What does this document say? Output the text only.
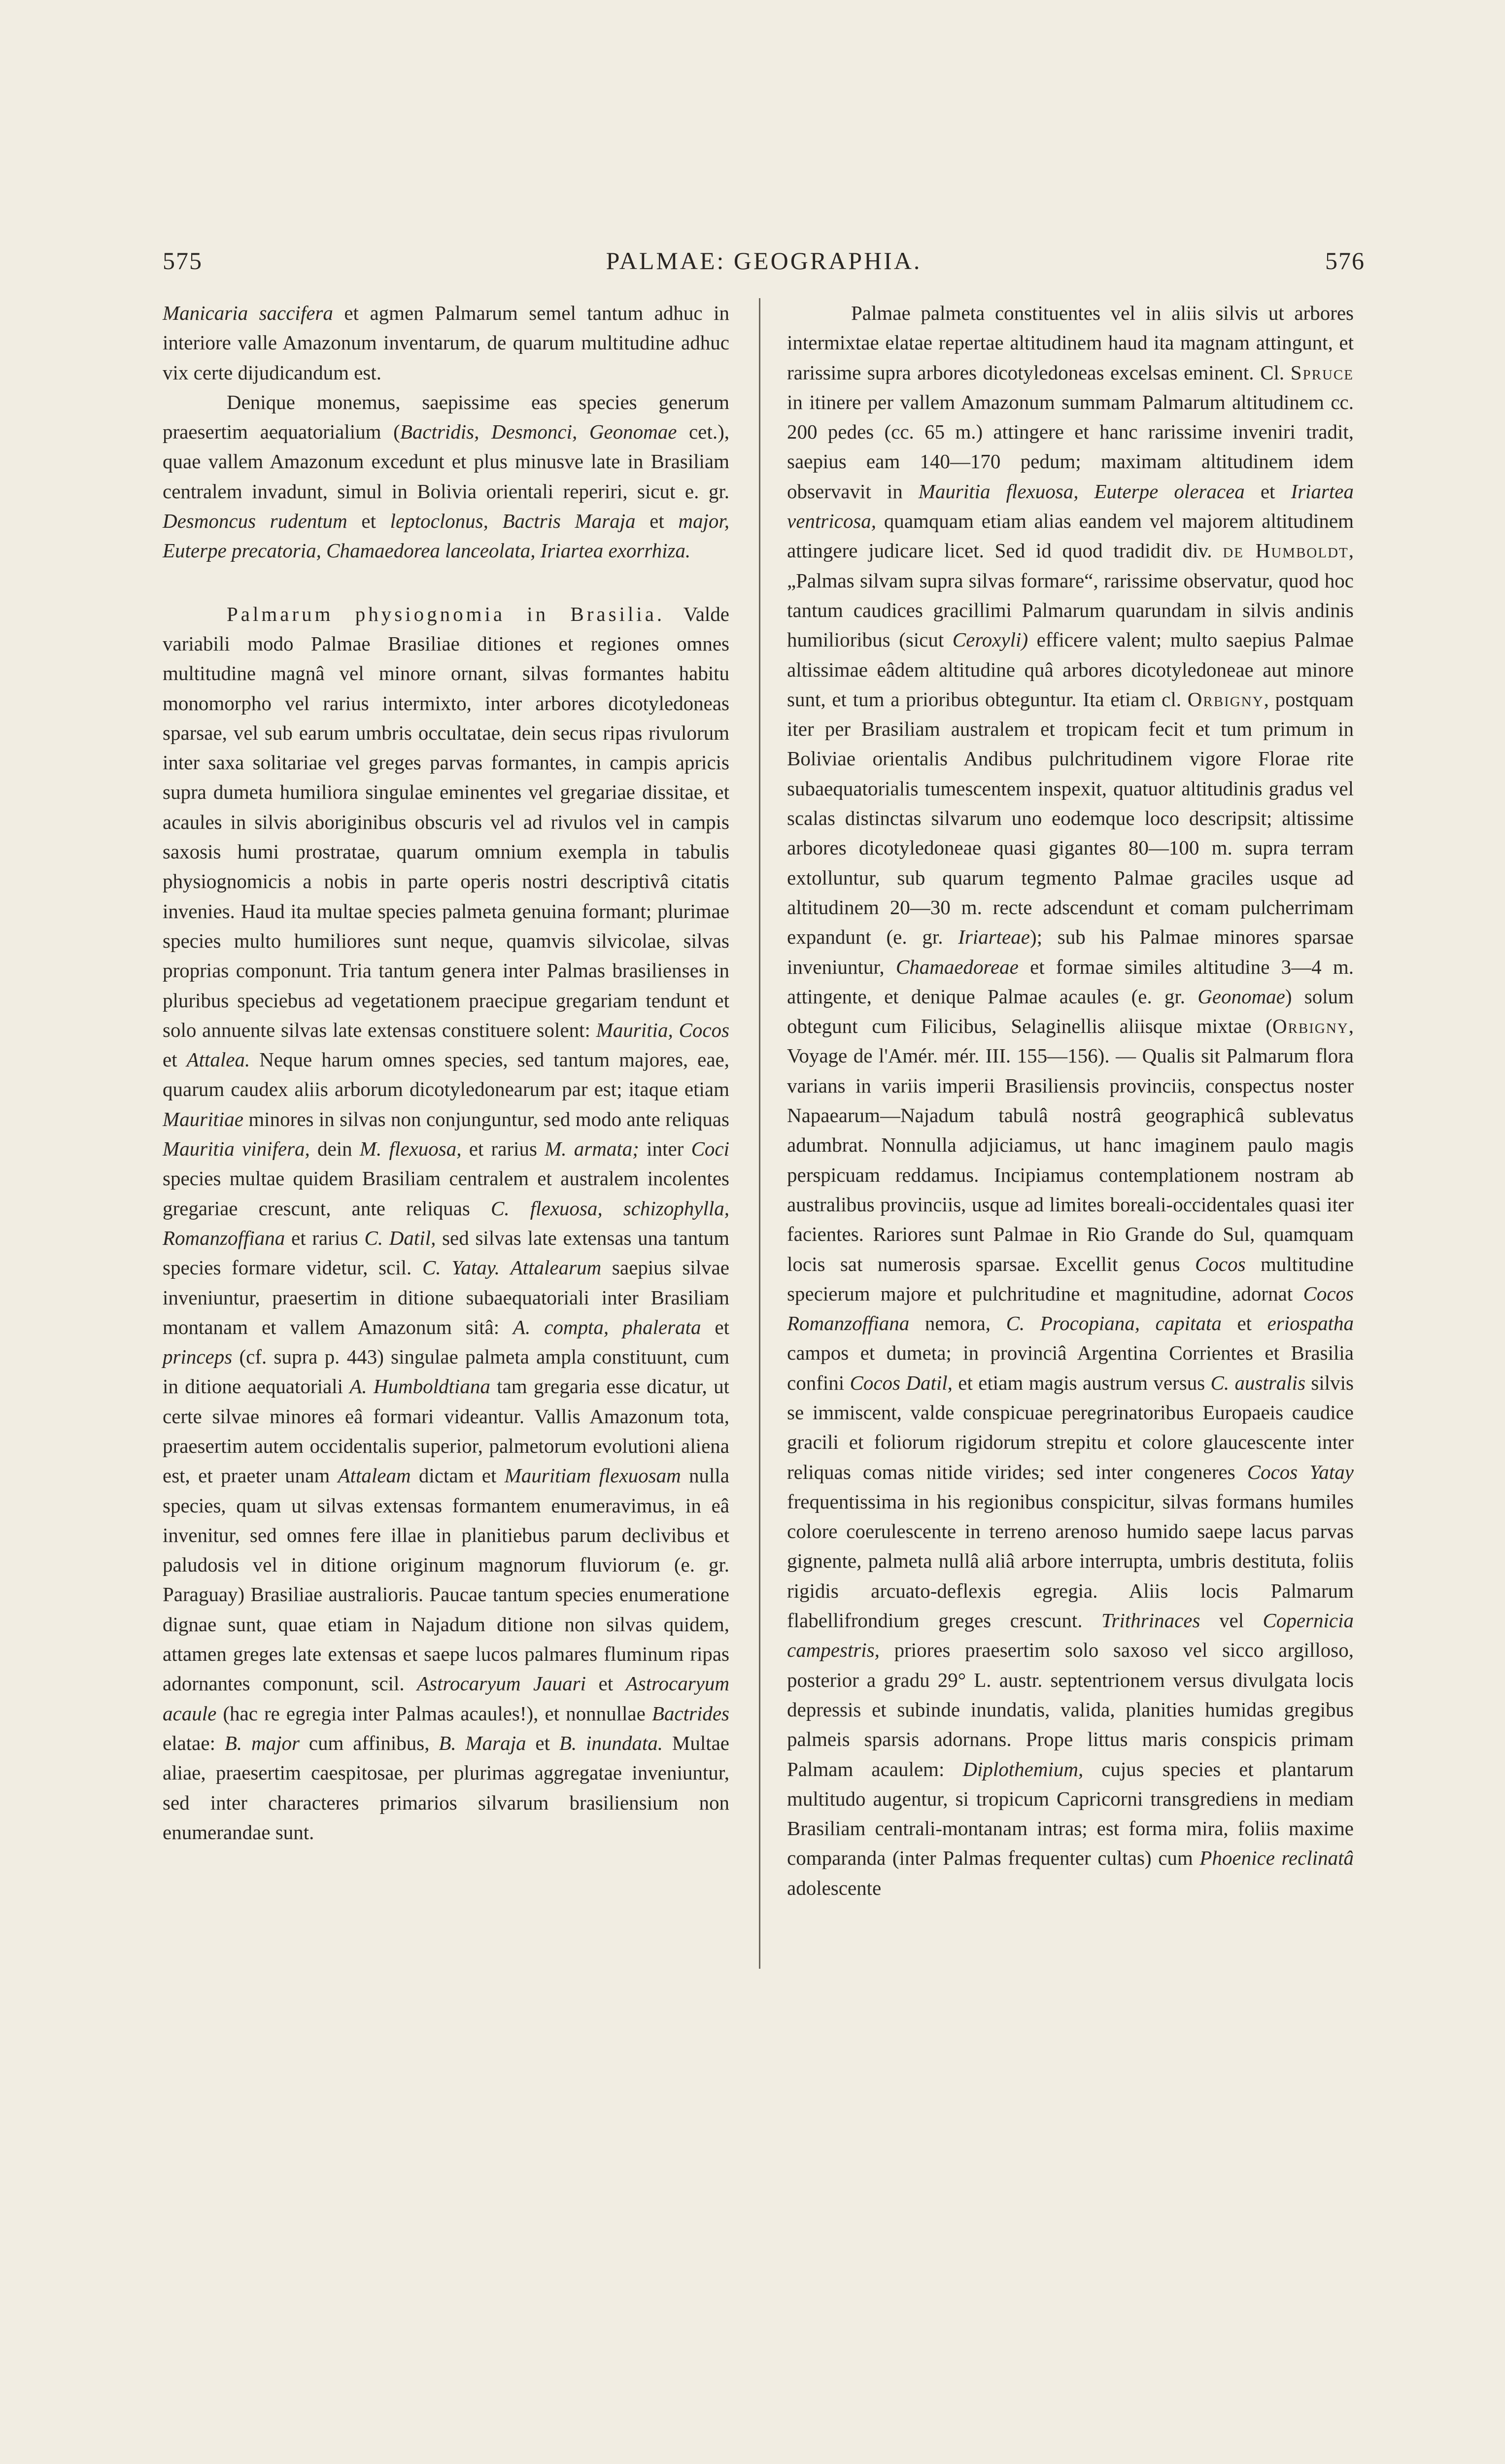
575	PALMAE: GEOGRAPHIA.	576

Manicaria saccifera et agmen Palmarum semel tantum adhuc in interiore valle Amazonum inventarum, de quarum multitudine adhuc vix certe dijudicandum est.

Denique monemus, saepissime eas species generum praesertim aequatorialium (Bactridis, Desmonci, Geonomae cet.), quae vallem Amazonum excedunt et plus minusve late in Brasiliam centralem invadunt, simul in Bolivia orientali reperiri, sicut e. gr. Desmoncus rudentum et leptoclonus, Bactris Maraja et major, Euterpe precatoria, Chamaedorea lanceolata, Iriartea exorrhiza.

Palmarum physiognomia in Brasilia. Valde variabili modo Palmae Brasiliae ditiones et regiones omnes multitudine magnâ vel minore ornant, silvas formantes habitu monomorpho vel rarius intermixto, inter arbores dicotyledoneas sparsae, vel sub earum umbris occultatae, dein secus ripas rivulorum inter saxa solitariae vel greges parvas formantes, in campis apricis supra dumeta humiliora singulae eminentes vel gregariae dissitae, et acaules in silvis aboriginibus obscuris vel ad rivulos vel in campis saxosis humi prostratae, quarum omnium exempla in tabulis physiognomicis a nobis in parte operis nostri descriptivâ citatis invenies. Haud ita multae species palmeta genuina formant; plurimae species multo humiliores sunt neque, quamvis silvicolae, silvas proprias componunt. Tria tantum genera inter Palmas brasilienses in pluribus speciebus ad vegetationem praecipue gregariam tendunt et solo annuente silvas late extensas constituere solent: Mauritia, Cocos et Attalea. Neque harum omnes species, sed tantum majores, eae, quarum caudex aliis arborum dicotyledonearum par est; itaque etiam Mauritiae minores in silvas non conjunguntur, sed modo ante reliquas Mauritia vinifera, dein M. flexuosa, et rarius M. armata; inter Coci species multae quidem Brasiliam centralem et australem incolentes gregariae crescunt, ante reliquas C. flexuosa, schizophylla, Romanzoffiana et rarius C. Datil, sed silvas late extensas una tantum species formare videtur, scil. C. Yatay. Attalearum saepius silvae inveniuntur, praesertim in ditione subaequatoriali inter Brasiliam montanam et vallem Amazonum sitâ: A. compta, phalerata et princeps (cf. supra p. 443) singulae palmeta ampla constituunt, cum in ditione aequatoriali A. Humboldtiana tam gregaria esse dicatur, ut certe silvae minores eâ formari videantur. Vallis Amazonum tota, praesertim autem occidentalis superior, palmetorum evolutioni aliena est, et praeter unam Attaleam dictam et Mauritiam flexuosam nulla species, quam ut silvas extensas formantem enumeravimus, in eâ invenitur, sed omnes fere illae in planitiebus parum declivibus et paludosis vel in ditione originum magnorum fluviorum (e. gr. Paraguay) Brasiliae australioris. Paucae tantum species enumeratione dignae sunt, quae etiam in Najadum ditione non silvas quidem, attamen greges late extensas et saepe lucos palmares fluminum ripas adornantes componunt, scil. Astrocaryum Jauari et Astrocaryum acaule (hac re egregia inter Palmas acaules!), et nonnullae Bactrides elatae: B. major cum affinibus, B. Maraja et B. inundata. Multae aliae, praesertim caespitosae, per plurimas aggregatae inveniuntur, sed inter characteres primarios silvarum brasiliensium non enumerandae sunt.

Palmae palmeta constituentes vel in aliis silvis ut arbores intermixtae elatae repertae altitudinem haud ita magnam attingunt, et rarissime supra arbores dicotyledoneas excelsas eminent. Cl. Spruce in itinere per vallem Amazonum summam Palmarum altitudinem cc. 200 pedes (cc. 65 m.) attingere et hanc rarissime inveniri tradit, saepius eam 140—170 pedum; maximam altitudinem idem observavit in Mauritia flexuosa, Euterpe oleracea et Iriartea ventricosa, quamquam etiam alias eandem vel majorem altitudinem attingere judicare licet. Sed id quod tradidit div. de Humboldt, „Palmas silvam supra silvas formare“, rarissime observatur, quod hoc tantum caudices gracillimi Palmarum quarundam in silvis andinis humilioribus (sicut Ceroxyli) efficere valent; multo saepius Palmae altissimae eâdem altitudine quâ arbores dicotyledoneae aut minore sunt, et tum a prioribus obteguntur. Ita etiam cl. Orbigny, postquam iter per Brasiliam australem et tropicam fecit et tum primum in Boliviae orientalis Andibus pulchritudinem vigore Florae rite subaequatorialis tumescentem inspexit, quatuor altitudinis gradus vel scalas distinctas silvarum uno eodemque loco descripsit; altissime arbores dicotyledoneae quasi gigantes 80—100 m. supra terram extolluntur, sub quarum tegmento Palmae graciles usque ad altitudinem 20—30 m. recte adscendunt et comam pulcherrimam expandunt (e. gr. Iriarteae); sub his Palmae minores sparsae inveniuntur, Chamaedoreae et formae similes altitudine 3—4 m. attingente, et denique Palmae acaules (e. gr. Geonomae) solum obtegunt cum Filicibus, Selaginellis aliisque mixtae (Orbigny, Voyage de l'Amér. mér. III. 155—156). — Qualis sit Palmarum flora varians in variis imperii Brasiliensis provinciis, conspectus noster Napaearum—Najadum tabulâ nostrâ geographicâ sublevatus adumbrat. Nonnulla adjiciamus, ut hanc imaginem paulo magis perspicuam reddamus. Incipiamus contemplationem nostram ab australibus provinciis, usque ad limites boreali-occidentales quasi iter facientes. Rariores sunt Palmae in Rio Grande do Sul, quamquam locis sat numerosis sparsae. Excellit genus Cocos multitudine specierum majore et pulchritudine et magnitudine, adornat Cocos Romanzoffiana nemora, C. Procopiana, capitata et eriospatha campos et dumeta; in provinciâ Argentina Corrientes et Brasilia confini Cocos Datil, et etiam magis austrum versus C. australis silvis se immiscent, valde conspicuae peregrinatoribus Europaeis caudice gracili et foliorum rigidorum strepitu et colore glaucescente inter reliquas comas nitide virides; sed inter congeneres Cocos Yatay frequentissima in his regionibus conspicitur, silvas formans humiles colore coerulescente in terreno arenoso humido saepe lacus parvas gignente, palmeta nullâ aliâ arbore interrupta, umbris destituta, foliis rigidis arcuato-deflexis egregia. Aliis locis Palmarum flabellifrondium greges crescunt. Trithrinaces vel Copernicia campestris, priores praesertim solo saxoso vel sicco argilloso, posterior a gradu 29° L. austr. septentrionem versus divulgata locis depressis et subinde inundatis, valida, planities humidas gregibus palmeis sparsis adornans. Prope littus maris conspicis primam Palmam acaulem: Diplothemium, cujus species et plantarum multitudo augentur, si tropicum Capricorni transgrediens in mediam Brasiliam centrali-montanam intras; est forma mira, foliis maxime comparanda (inter Palmas frequenter cultas) cum Phoenice reclinatâ adolescente
